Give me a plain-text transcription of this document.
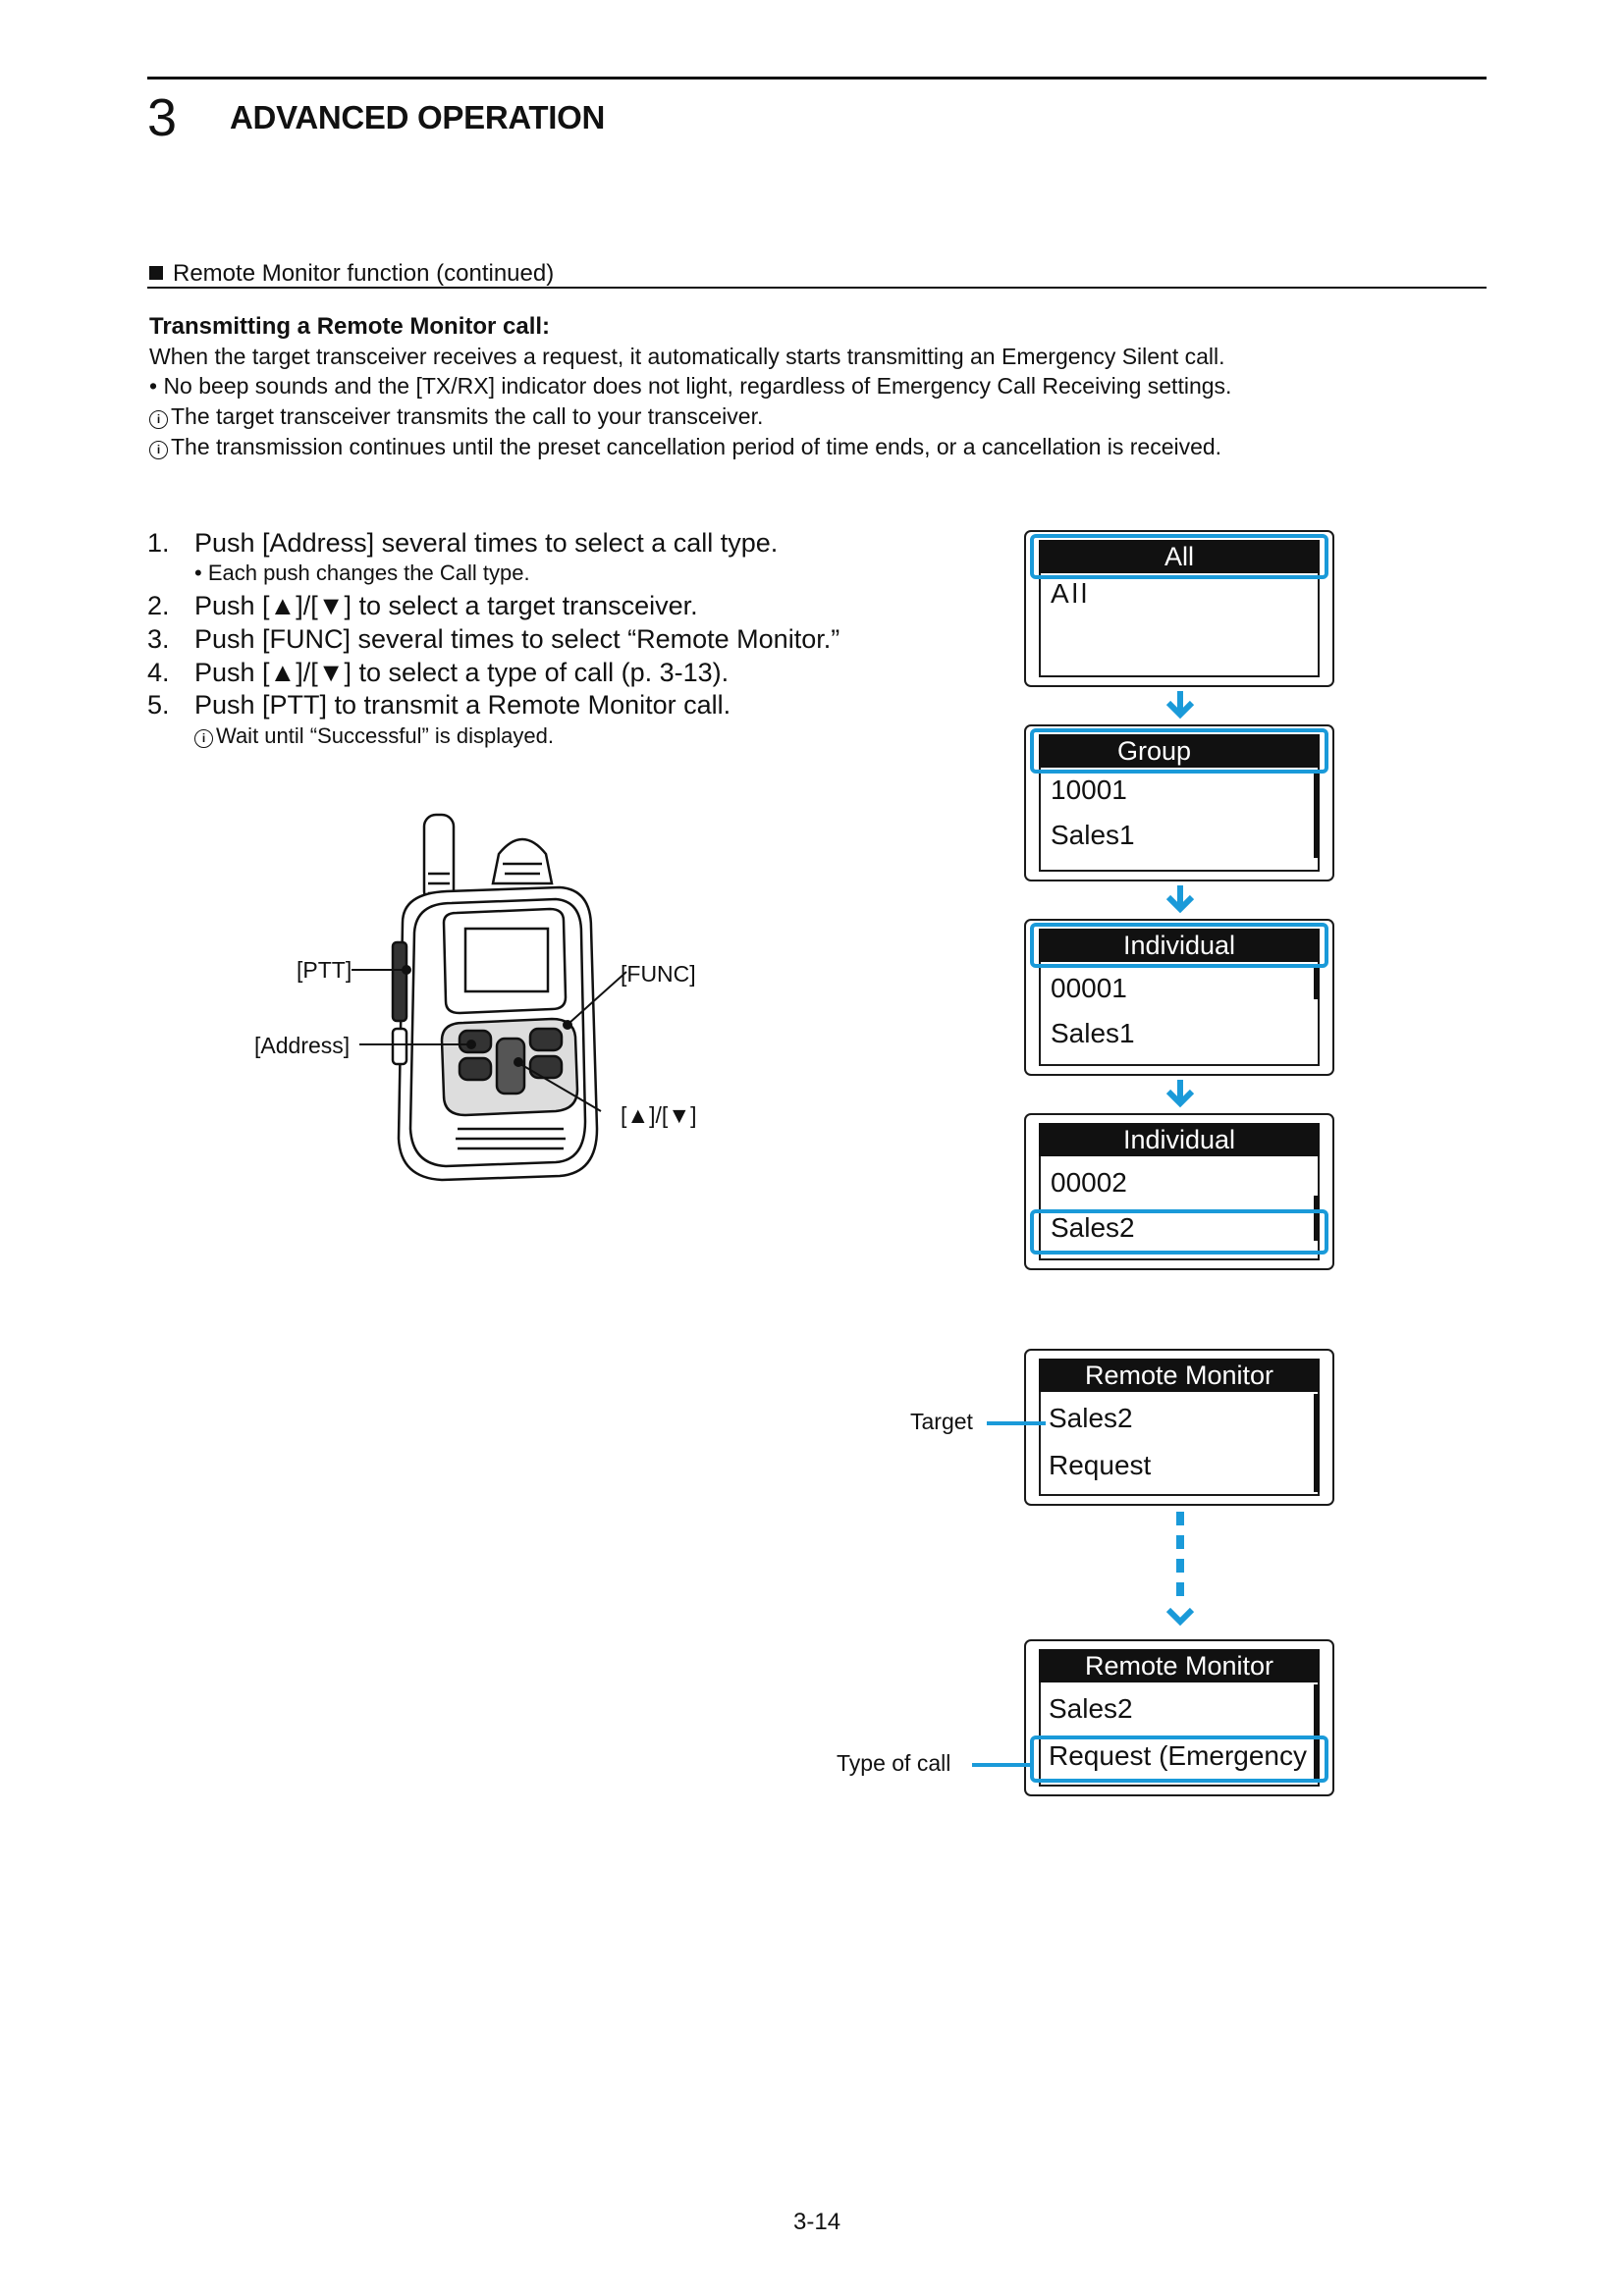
3 ADVANCED OPERATION
Remote Monitor function (continued)
Transmitting a Remote Monitor call:
When the target transceiver receives a request, it automatically starts transmitting an Emergency Silent call.
• No beep sounds and the [TX/RX] indicator does not light, regardless of Emergency Call Receiving settings.
i The target transceiver transmits the call to your transceiver.
i The transmission continues until the preset cancellation period of time ends, or a cancellation is received.
1. Push [Address] several times to select a call type.
• Each push changes the Call type.
2. Push [▲]/[▼] to select a target transceiver.
3. Push [FUNC] several times to select “Remote Monitor.”
4. Push [▲]/[▼] to select a type of call (p. 3-13).
5. Push [PTT] to transmit a Remote Monitor call.
i Wait until “Successful” is displayed.
[PTT]	[FUNC]
[Address]
[▲]/[▼]
All
All
Group
10001
Sales1
Individual
00001
Sales1
Individual
00002
Sales2
Remote Monitor
Sales2
Request
Target
Remote Monitor
Sales2
Request (Emergency
Type of call
3-14
